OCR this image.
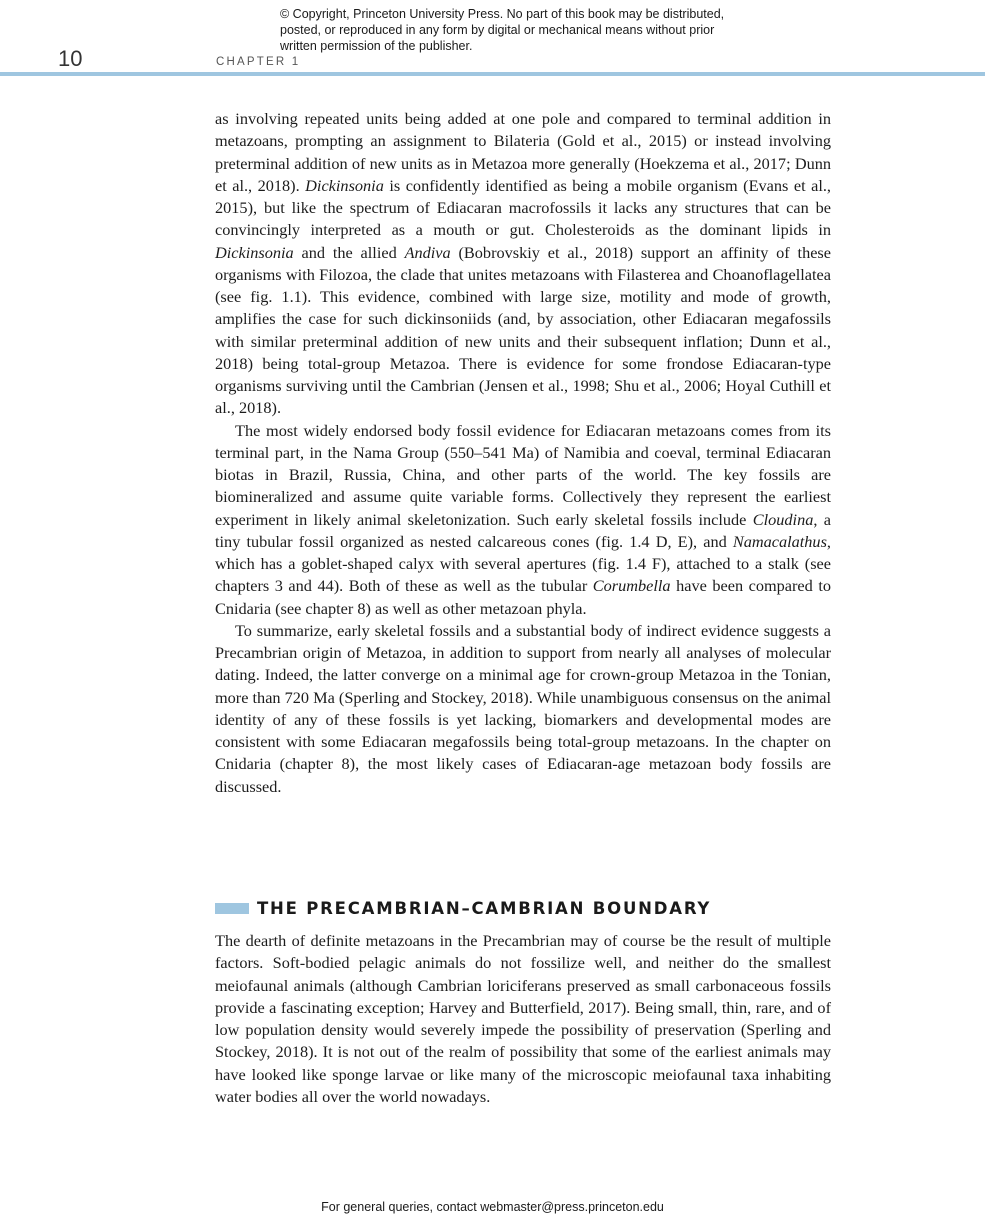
© Copyright, Princeton University Press. No part of this book may be distributed, posted, or reproduced in any form by digital or mechanical means without prior written permission of the publisher.
10	CHAPTER 1

as involving repeated units being added at one pole and compared to terminal addition in metazoans, prompting an assignment to Bilateria (Gold et al., 2015) or instead involving preterminal addition of new units as in Metazoa more generally (Hoekzema et al., 2017; Dunn et al., 2018). Dickinsonia is confidently identified as being a mobile organism (Evans et al., 2015), but like the spectrum of Ediacaran macrofossils it lacks any structures that can be convincingly interpreted as a mouth or gut. Cholesteroids as the dominant lipids in Dickinsonia and the allied Andiva (Bobrovskiy et al., 2018) support an affinity of these organisms with Filozoa, the clade that unites metazoans with Filasterea and Choanoflagellatea (see fig. 1.1). This evidence, combined with large size, motility and mode of growth, amplifies the case for such dickinsoniids (and, by association, other Ediacaran megafossils with similar preterminal addition of new units and their subsequent inflation; Dunn et al., 2018) being total-group Metazoa. There is evidence for some frondose Ediacaran-type organisms surviving until the Cambrian (Jensen et al., 1998; Shu et al., 2006; Hoyal Cuthill et al., 2018).

The most widely endorsed body fossil evidence for Ediacaran metazoans comes from its terminal part, in the Nama Group (550–541 Ma) of Namibia and coeval, terminal Ediacaran biotas in Brazil, Russia, China, and other parts of the world. The key fossils are biomineralized and assume quite variable forms. Collectively they represent the earliest experiment in likely animal skeletonization. Such early skeletal fossils include Cloudina, a tiny tubular fossil organized as nested calcareous cones (fig. 1.4 D, E), and Namacalathus, which has a goblet-shaped calyx with several apertures (fig. 1.4 F), attached to a stalk (see chapters 3 and 44). Both of these as well as the tubular Corumbella have been compared to Cnidaria (see chapter 8) as well as other metazoan phyla.

To summarize, early skeletal fossils and a substantial body of indirect evidence suggests a Precambrian origin of Metazoa, in addition to support from nearly all analyses of molecular dating. Indeed, the latter converge on a minimal age for crown-group Metazoa in the Tonian, more than 720 Ma (Sperling and Stockey, 2018). While unambiguous consensus on the animal identity of any of these fossils is yet lacking, biomarkers and developmental modes are consistent with some Ediacaran megafossils being total-group metazoans. In the chapter on Cnidaria (chapter 8), the most likely cases of Ediacaran-age metazoan body fossils are discussed.

THE PRECAMBRIAN–CAMBRIAN BOUNDARY

The dearth of definite metazoans in the Precambrian may of course be the result of multiple factors. Soft-bodied pelagic animals do not fossilize well, and neither do the smallest meiofaunal animals (although Cambrian loriciferans preserved as small carbonaceous fossils provide a fascinating exception; Harvey and Butterfield, 2017). Being small, thin, rare, and of low population density would severely impede the possibility of preservation (Sperling and Stockey, 2018). It is not out of the realm of possibility that some of the earliest animals may have looked like sponge larvae or like many of the microscopic meiofaunal taxa inhabiting water bodies all over the world nowadays.

For general queries, contact webmaster@press.princeton.edu
